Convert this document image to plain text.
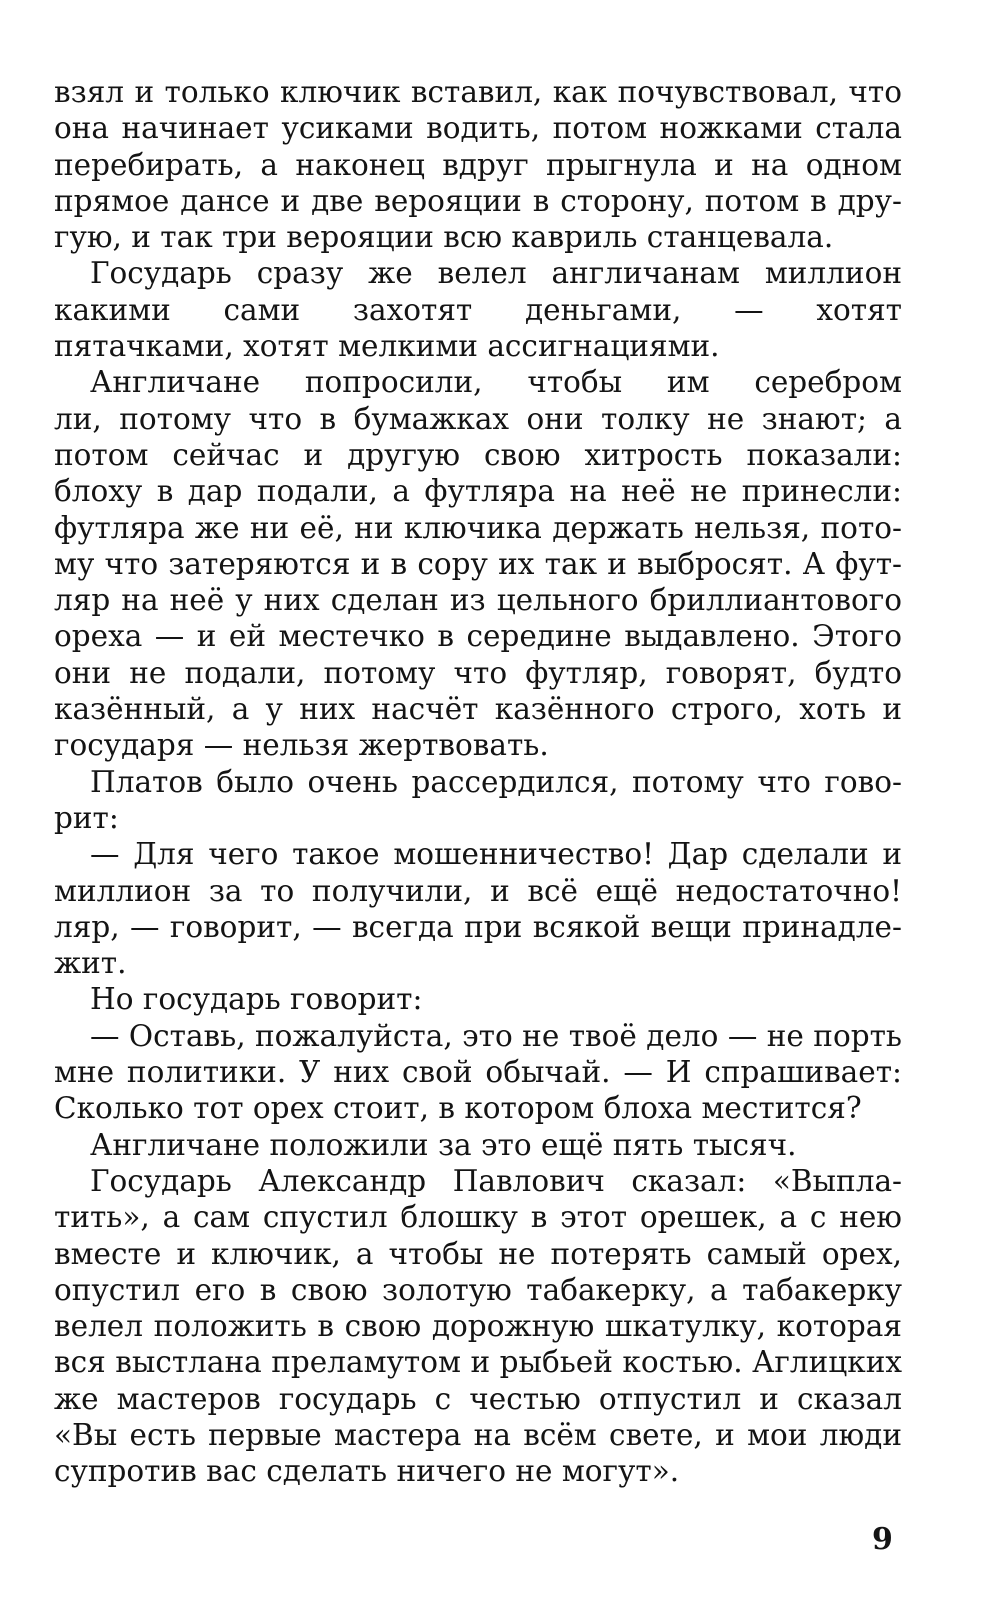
взял и только ключик вставил, как почувствовал, что
она начинает усиками водить, потом ножками стала
перебирать, а наконец вдруг прыгнула и на одном
прямое дансе и две верояции в сторону, потом в дру-
гую, и так три верояции всю кавриль станцевала.
Государь сразу же велел англичанам миллион
какими сами захотят деньгами, — хотят
пятачками, хотят мелкими ассигнациями.
Англичане попросили, чтобы им серебром
ли, потому что в бумажках они толку не знают; а
потом сейчас и другую свою хитрость показали:
блоху в дар подали, а футляра на неё не принесли:
футляра же ни её, ни ключика держать нельзя, пото-
му что затеряются и в сору их так и выбросят. А фут-
ляр на неё у них сделан из цельного бриллиантового
ореха — и ей местечко в середине выдавлено. Этого
они не подали, потому что футляр, говорят, будто
казённый, а у них насчёт казённого строго, хоть и
государя — нельзя жертвовать.
Платов было очень рассердился, потому что гово-
рит:
— Для чего такое мошенничество! Дар сделали и
миллион за то получили, и всё ещё недостаточно!
ляр, — говорит, — всегда при всякой вещи принадле-
жит.
Но государь говорит:
— Оставь, пожалуйста, это не твоё дело — не порть
мне политики. У них свой обычай. — И спрашивает:
Сколько тот орех стоит, в котором блоха местится?
Англичане положили за это ещё пять тысяч.
Государь Александр Павлович сказал: «Выпла-
тить», а сам спустил блошку в этот орешек, а с нею
вместе и ключик, а чтобы не потерять самый орех,
опустил его в свою золотую табакерку, а табакерку
велел положить в свою дорожную шкатулку, которая
вся выстлана преламутом и рыбьей костью. Аглицких
же мастеров государь с честью отпустил и сказал
«Вы есть первые мастера на всём свете, и мои люди
супротив вас сделать ничего не могут».
9
